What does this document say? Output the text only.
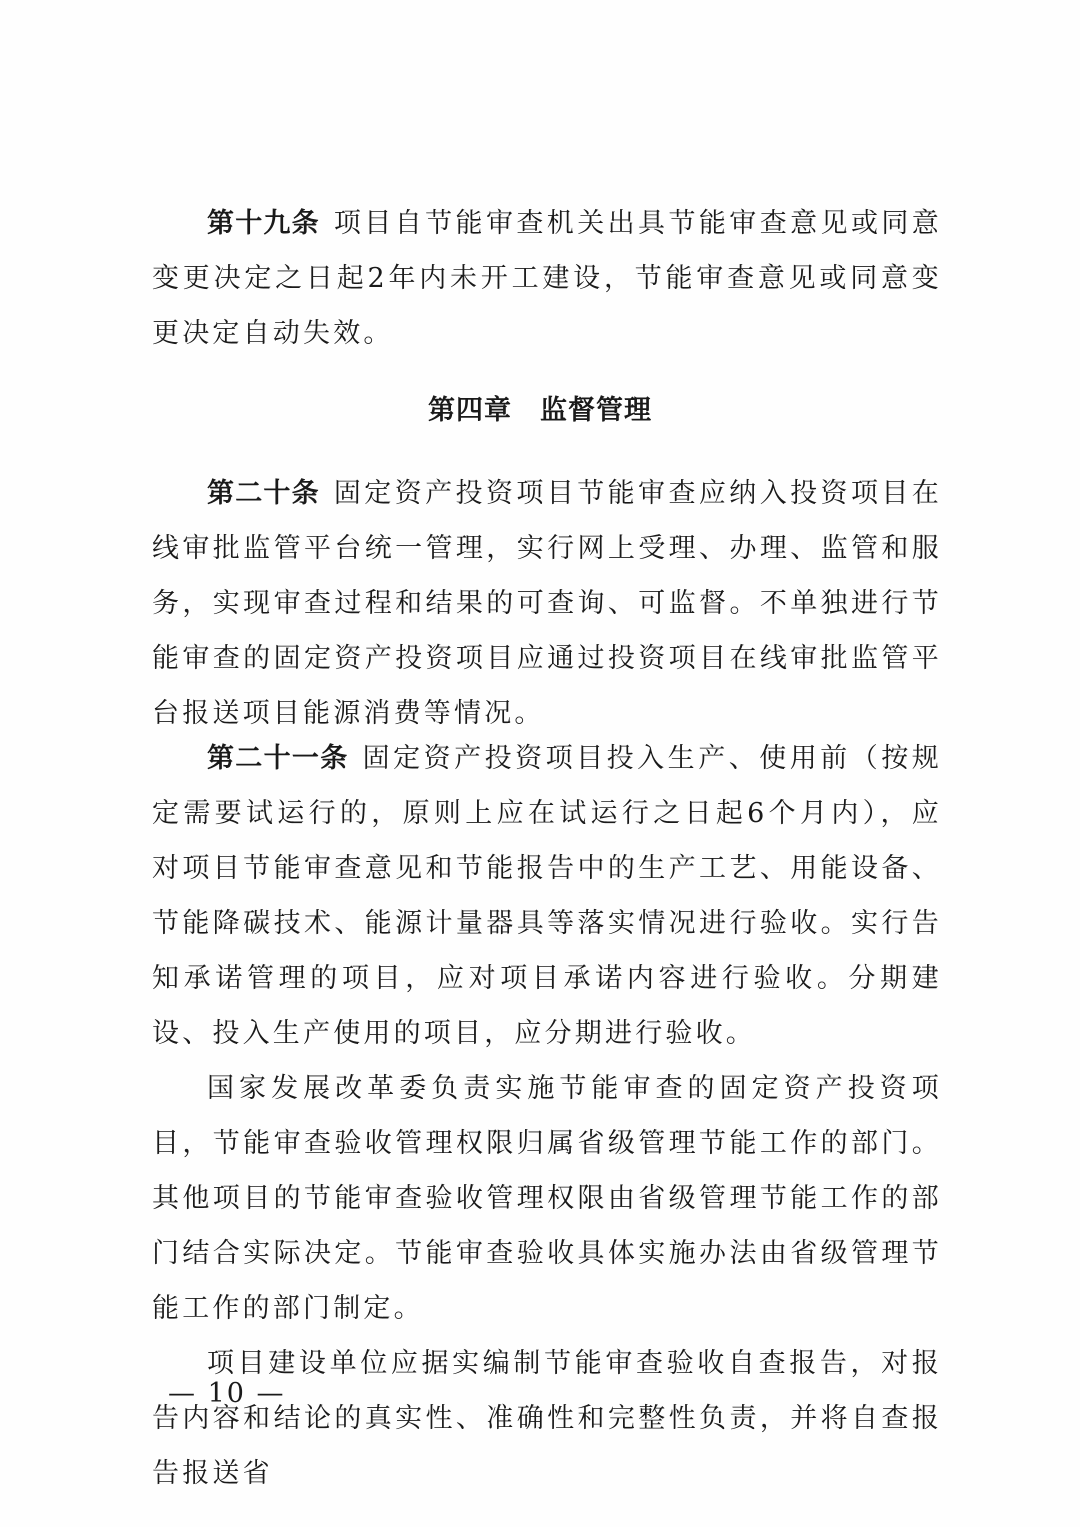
第十九条 项目自节能审查机关出具节能审查意见或同意变更决定之日起2年内未开工建设，节能审查意见或同意变更决定自动失效。
第四章　监督管理
第二十条 固定资产投资项目节能审查应纳入投资项目在线审批监管平台统一管理，实行网上受理、办理、监管和服务，实现审查过程和结果的可查询、可监督。不单独进行节能审查的固定资产投资项目应通过投资项目在线审批监管平台报送项目能源消费等情况。

第二十一条 固定资产投资项目投入生产、使用前（按规定需要试运行的，原则上应在试运行之日起6个月内），应对项目节能审查意见和节能报告中的生产工艺、用能设备、节能降碳技术、能源计量器具等落实情况进行验收。实行告知承诺管理的项目，应对项目承诺内容进行验收。分期建设、投入生产使用的项目，应分期进行验收。

国家发展改革委负责实施节能审查的固定资产投资项目，节能审查验收管理权限归属省级管理节能工作的部门。其他项目的节能审查验收管理权限由省级管理节能工作的部门结合实际决定。节能审查验收具体实施办法由省级管理节能工作的部门制定。

项目建设单位应据实编制节能审查验收自查报告，对报告内容和结论的真实性、准确性和完整性负责，并将自查报告报送省

— 10 —
